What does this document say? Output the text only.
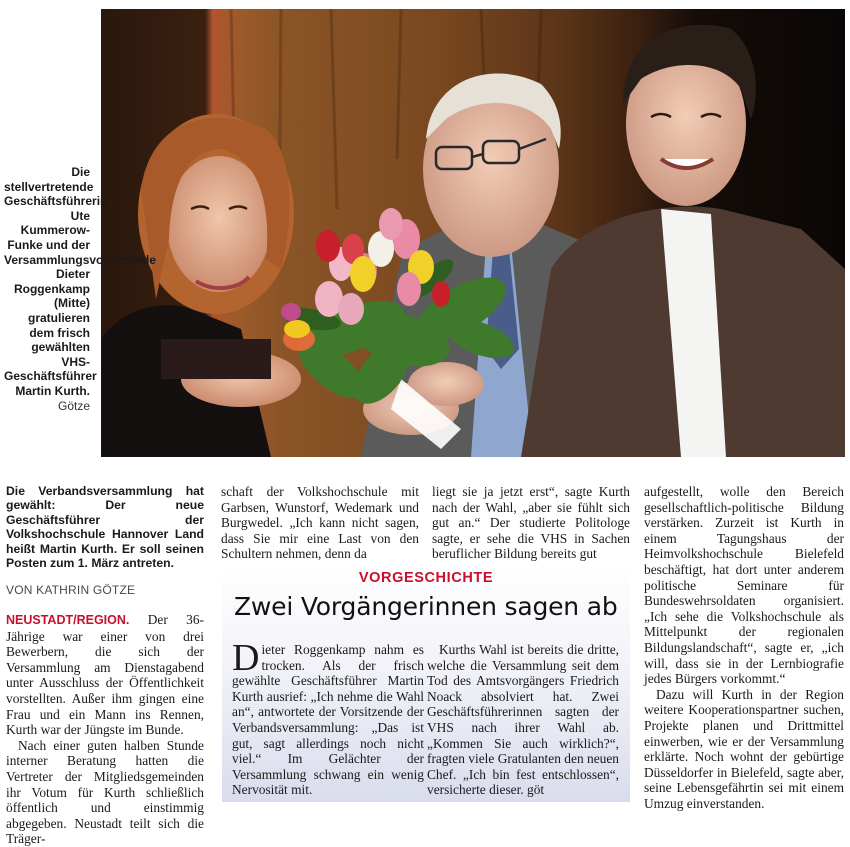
Die stellvertretende Geschäftsführerin Ute Kummerow-Funke und der Versammlungsvorsitzende Dieter Roggenkamp (Mitte) gratulieren dem frisch gewählten VHS-Geschäftsführer Martin Kurth.
Götze

Die Verbandsversammlung hat gewählt: Der neue Geschäftsführer der Volkshochschule Hannover Land heißt Martin Kurth. Er soll seinen Posten zum 1. März antreten.

VON KATHRIN GÖTZE

NEUSTADT/REGION. Der 36-Jährige war einer von drei Bewerbern, die sich der Versammlung am Dienstagabend unter Ausschluss der Öffentlichkeit vorstellten. Außer ihm gingen eine Frau und ein Mann ins Rennen, Kurth war der Jüngste im Bunde.

Nach einer guten halben Stunde interner Beratung hatten die Vertreter der Mitgliedsgemeinden ihr Votum für Kurth schließlich öffentlich und einstimmig abgegeben. Neustadt teilt sich die Träger-

schaft der Volkshochschule mit Garbsen, Wunstorf, Wedemark und Burgwedel. „Ich kann nicht sagen, dass Sie mir eine Last von den Schultern nehmen, denn da

liegt sie ja jetzt erst“, sagte Kurth nach der Wahl, „aber sie fühlt sich gut an.“ Der studierte Politologe sagte, er sehe die VHS in Sachen beruflicher Bildung bereits gut

aufgestellt, wolle den Bereich gesellschaftlich-politische Bildung verstärken. Zurzeit ist Kurth in einem Tagungshaus der Heimvolkshochschule Bielefeld beschäftigt, hat dort unter anderem politische Seminare für Bundeswehrsoldaten organisiert. „Ich sehe die Volkshochschule als Mittelpunkt der regionalen Bildungslandschaft“, sagte er, „ich will, dass sie in der Lernbiografie jedes Bürgers vorkommt.“

Dazu will Kurth in der Region weitere Kooperationspartner suchen, Projekte planen und Drittmittel einwerben, wie er der Versammlung erklärte. Noch wohnt der gebürtige Düsseldorfer in Bielefeld, sagte aber, seine Lebensgefährtin sei mit einem Umzug einverstanden.

VORGESCHICHTE
Zwei Vorgängerinnen sagen ab

Dieter Roggenkamp nahm es trocken. Als der frisch gewählte Geschäftsführer Martin Kurth ausrief: „Ich nehme die Wahl an“, antwortete der Vorsitzende der Verbandsversammlung: „Das ist gut, sagt allerdings noch nicht viel.“ Im Gelächter der Versammlung schwang ein wenig Nervosität mit.

Kurths Wahl ist bereits die dritte, welche die Versammlung seit dem Tod des Amtsvorgängers Friedrich Noack absolviert hat. Zwei Geschäftsführerinnen sagten der VHS nach ihrer Wahl ab. „Kommen Sie auch wirklich?“, fragten viele Gratulanten den neuen Chef. „Ich bin fest entschlossen“, versicherte dieser. göt
